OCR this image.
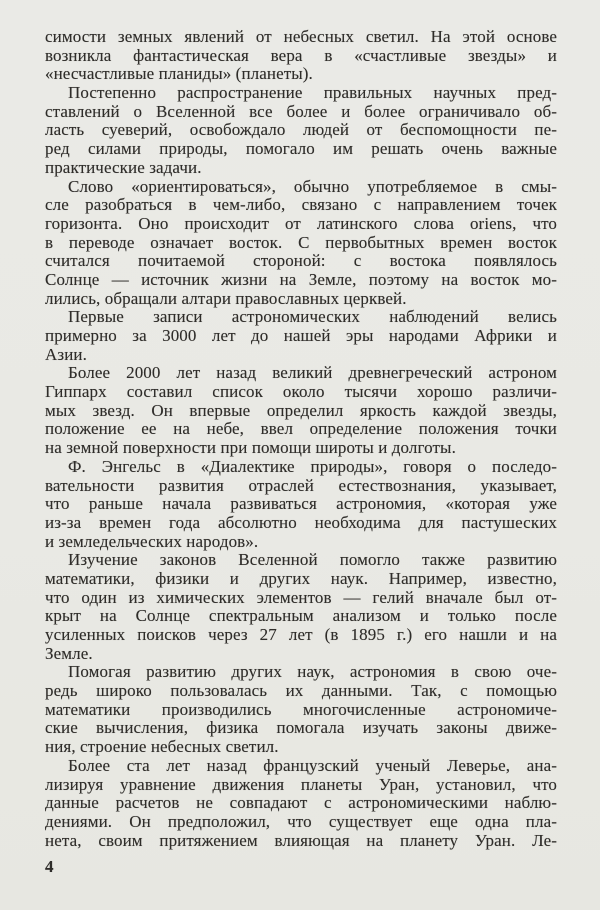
симости земных явлений от небесных светил. На этой основе
возникла фантастическая вера в «счастливые звезды» и
«несчастливые планиды» (планеты).
Постепенно распространение правильных научных пред-
ставлений о Вселенной все более и более ограничивало об-
ласть суеверий, освобождало людей от беспомощности пе-
ред силами природы, помогало им решать очень важные
практические задачи.
Слово «ориентироваться», обычно употребляемое в смы-
сле разобраться в чем-либо, связано с направлением точек
горизонта. Оно происходит от латинского слова oriens, что
в переводе означает восток. С первобытных времен восток
считался почитаемой стороной: с востока появлялось
Солнце — источник жизни на Земле, поэтому на восток мо-
лились, обращали алтари православных церквей.
Первые записи астрономических наблюдений велись
примерно за 3000 лет до нашей эры народами Африки и
Азии.
Более 2000 лет назад великий древнегреческий астроном
Гиппарх составил список около тысячи хорошо различи-
мых звезд. Он впервые определил яркость каждой звезды,
положение ее на небе, ввел определение положения точки
на земной поверхности при помощи широты и долготы.
Ф. Энгельс в «Диалектике природы», говоря о последо-
вательности развития отраслей естествознания, указывает,
что раньше начала развиваться астрономия, «которая уже
из-за времен года абсолютно необходима для пастушеских
и земледельческих народов».
Изучение законов Вселенной помогло также развитию
математики, физики и других наук. Например, известно,
что один из химических элементов — гелий вначале был от-
крыт на Солнце спектральным анализом и только после
усиленных поисков через 27 лет (в 1895 г.) его нашли и на
Земле.
Помогая развитию других наук, астрономия в свою оче-
редь широко пользовалась их данными. Так, с помощью
математики производились многочисленные астрономиче-
ские вычисления, физика помогала изучать законы движе-
ния, строение небесных светил.
Более ста лет назад французский ученый Леверье, ана-
лизируя уравнение движения планеты Уран, установил, что
данные расчетов не совпадают с астрономическими наблю-
дениями. Он предположил, что существует еще одна пла-
нета, своим притяжением влияющая на планету Уран. Ле-
4
